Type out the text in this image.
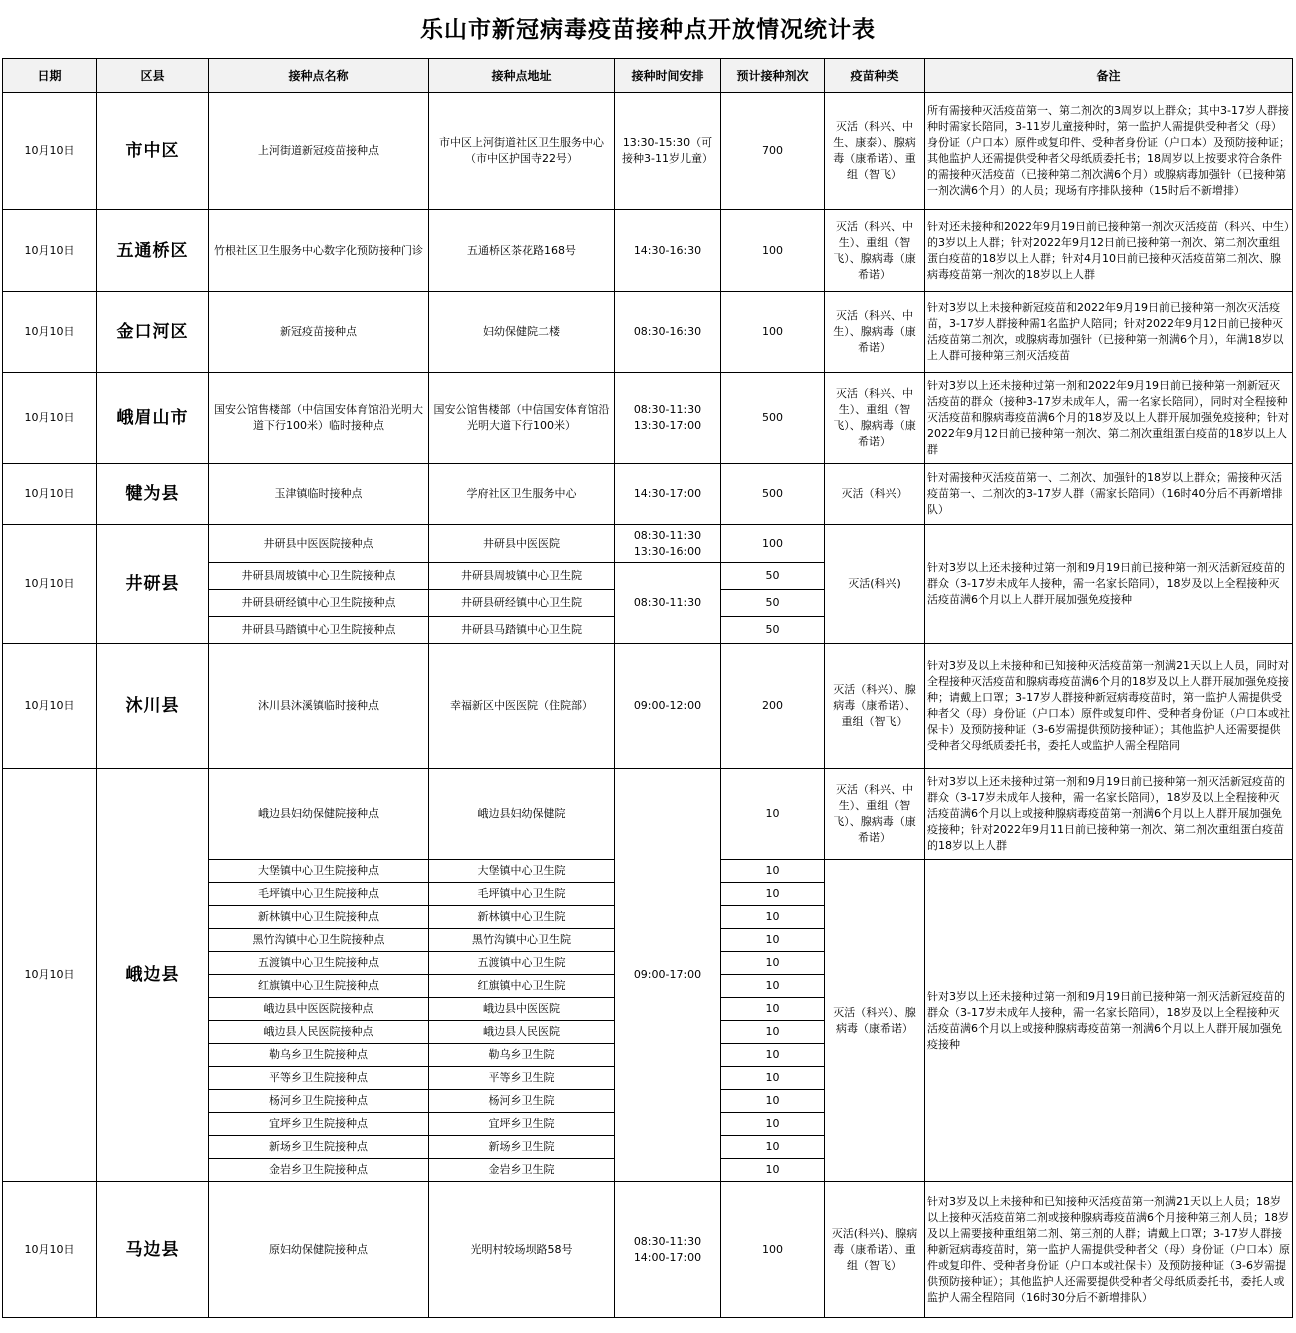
乐山市新冠病毒疫苗接种点开放情况统计表
日期	区县	接种点名称	接种点地址	接种时间安排	预计接种剂次	疫苗种类	备注
10月10日	市中区	上河街道新冠疫苗接种点	市中区上河街道社区卫生服务中心（市中区护国寺22号）	13:30-15:30（可接种3-11岁儿童）	700	灭活（科兴、中生、康泰）、腺病毒（康希诺）、重组（智飞）	所有需接种灭活疫苗第一、第二剂次的3周岁以上群众；其中3-17岁人群接种时需家长陪同，3-11岁儿童接种时，第一监护人需提供受种者父（母）身份证（户口本）原件或复印件、受种者身份证（户口本）及预防接种证；其他监护人还需提供受种者父母纸质委托书；18周岁以上按要求符合条件的需接种灭活疫苗（已接种第二剂次满6个月）或腺病毒加强针（已接种第一剂次满6个月）的人员；现场有序排队接种（15时后不新增排）
10月10日	五通桥区	竹根社区卫生服务中心数字化预防接种门诊	五通桥区茶花路168号	14:30-16:30	100	灭活（科兴、中生）、重组（智飞）、腺病毒（康希诺）	针对还未接种和2022年9月19日前已接种第一剂次灭活疫苗（科兴、中生）的3岁以上人群；针对2022年9月12日前已接种第一剂次、第二剂次重组蛋白疫苗的18岁以上人群；针对4月10日前已接种灭活疫苗第二剂次、腺病毒疫苗第一剂次的18岁以上人群
10月10日	金口河区	新冠疫苗接种点	妇幼保健院二楼	08:30-16:30	100	灭活（科兴、中生）、腺病毒（康希诺）	针对3岁以上未接种新冠疫苗和2022年9月19日前已接种第一剂次灭活疫苗，3-17岁人群接种需1名监护人陪同；针对2022年9月12日前已接种灭活疫苗第二剂次，或腺病毒加强针（已接种第一剂满6个月），年满18岁以上人群可接种第三剂灭活疫苗
10月10日	峨眉山市	国安公馆售楼部（中信国安体育馆沿光明大道下行100米）临时接种点	国安公馆售楼部（中信国安体育馆沿光明大道下行100米）	08:30-11:30 13:30-17:00	500	灭活（科兴、中生）、重组（智飞）、腺病毒（康希诺）	针对3岁以上还未接种过第一剂和2022年9月19日前已接种第一剂新冠灭活疫苗的群众（接种3-17岁未成年人，需一名家长陪同），同时对全程接种灭活疫苗和腺病毒疫苗满6个月的18岁及以上人群开展加强免疫接种；针对2022年9月12日前已接种第一剂次、第二剂次重组蛋白疫苗的18岁以上人群
10月10日	犍为县	玉津镇临时接种点	学府社区卫生服务中心	14:30-17:00	500	灭活（科兴）	针对需接种灭活疫苗第一、二剂次、加强针的18岁以上群众；需接种灭活疫苗第一、二剂次的3-17岁人群（需家长陪同）（16时40分后不再新增排队）
10月10日	井研县	井研县中医医院接种点	井研县中医医院	08:30-11:30 13:30-16:00	100	灭活(科兴)	针对3岁以上还未接种过第一剂和9月19日前已接种第一剂灭活新冠疫苗的群众（3-17岁未成年人接种，需一名家长陪同），18岁及以上全程接种灭活疫苗满6个月以上人群开展加强免疫接种
		井研县周坡镇中心卫生院接种点	井研县周坡镇中心卫生院	08:30-11:30	50		
		井研县研经镇中心卫生院接种点	井研县研经镇中心卫生院		50		
		井研县马踏镇中心卫生院接种点	井研县马踏镇中心卫生院		50		
10月10日	沐川县	沐川县沐溪镇临时接种点	幸福新区中医医院（住院部）	09:00-12:00	200	灭活（科兴）、腺病毒（康希诺）、重组（智飞）	针对3岁及以上未接种和已知接种灭活疫苗第一剂满21天以上人员，同时对全程接种灭活疫苗和腺病毒疫苗满6个月的18岁及以上人群开展加强免疫接种；请戴上口罩；3-17岁人群接种新冠病毒疫苗时，第一监护人需提供受种者父（母）身份证（户口本）原件或复印件、受种者身份证（户口本或社保卡）及预防接种证（3-6岁需提供预防接种证）；其他监护人还需要提供受种者父母纸质委托书，委托人或监护人需全程陪同
10月10日	峨边县	峨边县妇幼保健院接种点	峨边县妇幼保健院	09:00-17:00	10	灭活（科兴、中生）、重组（智飞）、腺病毒（康希诺）	针对3岁以上还未接种过第一剂和9月19日前已接种第一剂灭活新冠疫苗的群众（3-17岁未成年人接种，需一名家长陪同），18岁及以上全程接种灭活疫苗满6个月以上或接种腺病毒疫苗第一剂满6个月以上人群开展加强免疫接种；针对2022年9月11日前已接种第一剂次、第二剂次重组蛋白疫苗的18岁以上人群
		大堡镇中心卫生院接种点	大堡镇中心卫生院		10	灭活（科兴）、腺病毒（康希诺）	针对3岁以上还未接种过第一剂和9月19日前已接种第一剂灭活新冠疫苗的群众（3-17岁未成年人接种，需一名家长陪同），18岁及以上全程接种灭活疫苗满6个月以上或接种腺病毒疫苗第一剂满6个月以上人群开展加强免疫接种
		毛坪镇中心卫生院接种点	毛坪镇中心卫生院		10		
		新林镇中心卫生院接种点	新林镇中心卫生院		10		
		黑竹沟镇中心卫生院接种点	黑竹沟镇中心卫生院		10		
		五渡镇中心卫生院接种点	五渡镇中心卫生院		10		
		红旗镇中心卫生院接种点	红旗镇中心卫生院		10		
		峨边县中医医院接种点	峨边县中医医院		10		
		峨边县人民医院接种点	峨边县人民医院		10		
		勒乌乡卫生院接种点	勒乌乡卫生院		10		
		平等乡卫生院接种点	平等乡卫生院		10		
		杨河乡卫生院接种点	杨河乡卫生院		10		
		宜坪乡卫生院接种点	宜坪乡卫生院		10		
		新场乡卫生院接种点	新场乡卫生院		10		
		金岩乡卫生院接种点	金岩乡卫生院		10		
10月10日	马边县	原妇幼保健院接种点	光明村较场坝路58号	08:30-11:30 14:00-17:00	100	灭活(科兴)、腺病毒（康希诺）、重组（智飞）	针对3岁及以上未接种和已知接种灭活疫苗第一剂满21天以上人员；18岁以上接种灭活疫苗第二剂或接种腺病毒疫苗满6个月接种第三剂人员；18岁及以上需要接种重组第二剂、第三剂的人群；请戴上口罩；3-17岁人群接种新冠病毒疫苗时，第一监护人需提供受种者父（母）身份证（户口本）原件或复印件、受种者身份证（户口本或社保卡）及预防接种证（3-6岁需提供预防接种证）；其他监护人还需要提供受种者父母纸质委托书，委托人或监护人需全程陪同（16时30分后不新增排队）
